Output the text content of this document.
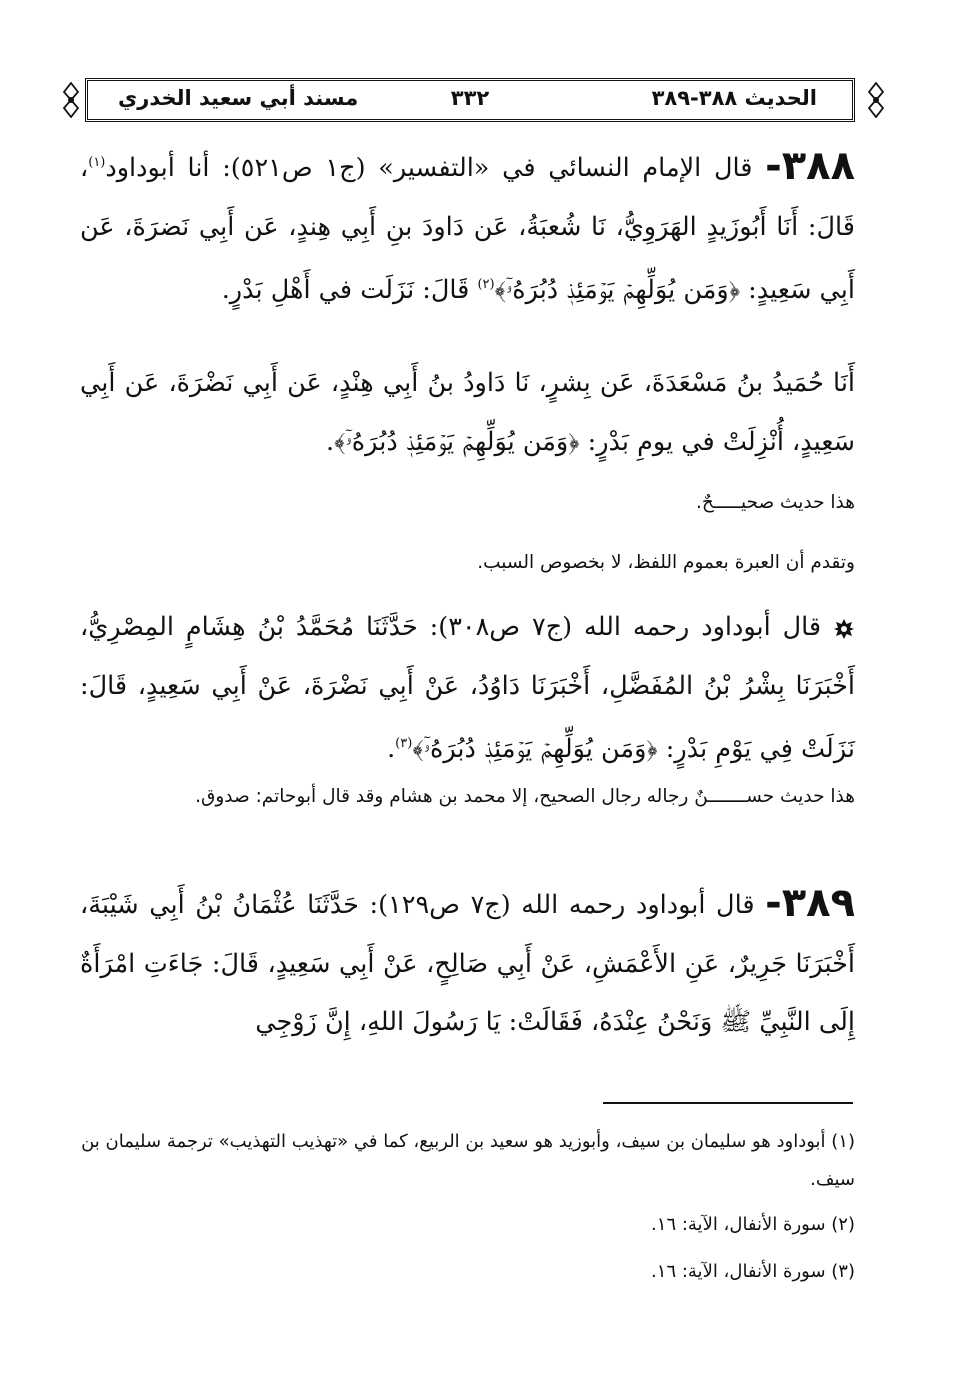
الحديث ٣٨٨-٣٨٩
٣٣٢
مسند أبي سعيد الخدري
٣٨٨- قال الإمام النسائي في «التفسير» (ج١ ص٥٢١): أنا أبوداود$^{(١)}$، قَالَ: أَنَا أَبُوزَيدٍ الهَرَوِيُّ، نَا شُعبَةُ، عَن دَاودَ بنِ أَبِي هِندٍ، عَن أَبِي نَضرَةَ، عَن أَبِي سَعِيدٍ: ﴿وَمَن يُوَلِّهِمۡ يَوۡمَئِذٖ دُبُرَهُۥٓ﴾$^{(٢)}$ قَالَ: نَزَلَت في أَهْلِ بَدْرٍ.
أَنَا حُمَيدُ بنُ مَسْعَدَةَ، عَن بِشرٍ، نَا دَاودُ بنُ أَبِي هِنْدٍ، عَن أَبِي نَضْرَةَ، عَن أَبِي سَعِيدٍ، أُنْزِلَتْ في يومِ بَدْرٍ: ﴿وَمَن يُوَلِّهِمۡ يَوۡمَئِذٖ دُبُرَهُۥٓ﴾.
هذا حديث صحيـــــحٌ.
وتقدم أن العبرة بعموم اللفظ، لا بخصوص السبب.
قال أبوداود رحمه الله (ج٧ ص٣٠٨): حَدَّثَنَا مُحَمَّدُ بْنُ هِشَامٍ المِصْرِيُّ، أَخْبَرَنَا بِشْرُ بْنُ المُفَضَّلِ، أَخْبَرَنَا دَاوُدُ، عَنْ أَبِي نَضْرَةَ، عَنْ أَبِي سَعِيدٍ، قَالَ: نَزَلَتْ فِي يَوْمِ بَدْرٍ: ﴿وَمَن يُوَلِّهِمۡ يَوۡمَئِذٖ دُبُرَهُۥٓ﴾$^{(٣)}$.
هذا حديث حســـــــنٌ رجاله رجال الصحيح، إلا محمد بن هشام وقد قال أبوحاتم: صدوق.
٣٨٩- قال أبوداود رحمه الله (ج٧ ص١٢٩): حَدَّثَنَا عُثْمَانُ بْنُ أَبِي شَيْبَةَ، أَخْبَرَنَا جَرِيرٌ، عَنِ الأَعْمَشِ، عَنْ أَبِي صَالِحٍ، عَنْ أَبِي سَعِيدٍ، قَالَ: جَاءَتِ امْرَأَةٌ إِلَى النَّبِيِّ ﷺ وَنَحْنُ عِنْدَهُ، فَقَالَتْ: يَا رَسُولَ اللهِ، إِنَّ زَوْجِي
(١) أبوداود هو سليمان بن سيف، وأبوزيد هو سعيد بن الربيع، كما في «تهذيب التهذيب» ترجمة سليمان بن سيف.
(٢) سورة الأنفال، الآية: ١٦.
(٣) سورة الأنفال، الآية: ١٦.
